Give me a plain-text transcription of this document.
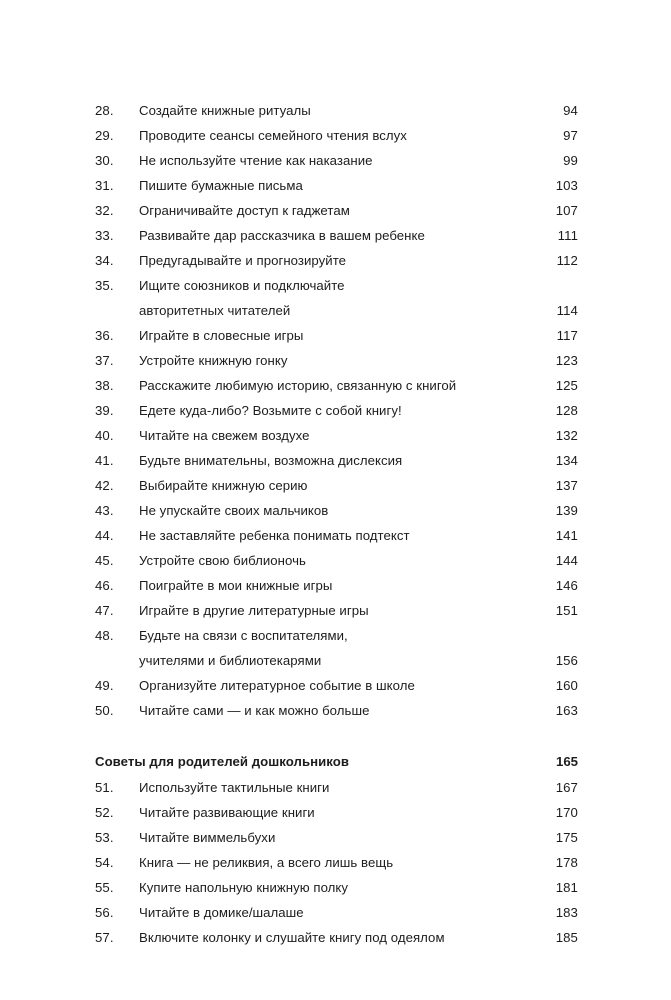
28.	Создайте книжные ритуалы	94
29.	Проводите сеансы семейного чтения вслух	97
30.	Не используйте чтение как наказание	99
31.	Пишите бумажные письма	103
32.	Ограничивайте доступ к гаджетам	107
33.	Развивайте дар рассказчика в вашем ребенке	111
34.	Предугадывайте и прогнозируйте	112
35.	Ищите союзников и подключайте
авторитетных читателей	114
36.	Играйте в словесные игры	117
37.	Устройте книжную гонку	123
38.	Расскажите любимую историю, связанную с книгой	125
39.	Едете куда-либо? Возьмите с собой книгу!	128
40.	Читайте на свежем воздухе	132
41.	Будьте внимательны, возможна дислексия	134
42.	Выбирайте книжную серию	137
43.	Не упускайте своих мальчиков	139
44.	Не заставляйте ребенка понимать подтекст	141
45.	Устройте свою библионочь	144
46.	Поиграйте в мои книжные игры	146
47.	Играйте в другие литературные игры	151
48.	Будьте на связи с воспитателями,
учителями и библиотекарями	156
49.	Организуйте литературное событие в школе	160
50.	Читайте сами — и как можно больше	163
Советы для родителей дошкольников	165
51.	Используйте тактильные книги	167
52.	Читайте развивающие книги	170
53.	Читайте виммельбухи	175
54.	Книга — не реликвия, а всего лишь вещь	178
55.	Купите напольную книжную полку	181
56.	Читайте в домике/шалаше	183
57.	Включите колонку и слушайте книгу под одеялом	185
